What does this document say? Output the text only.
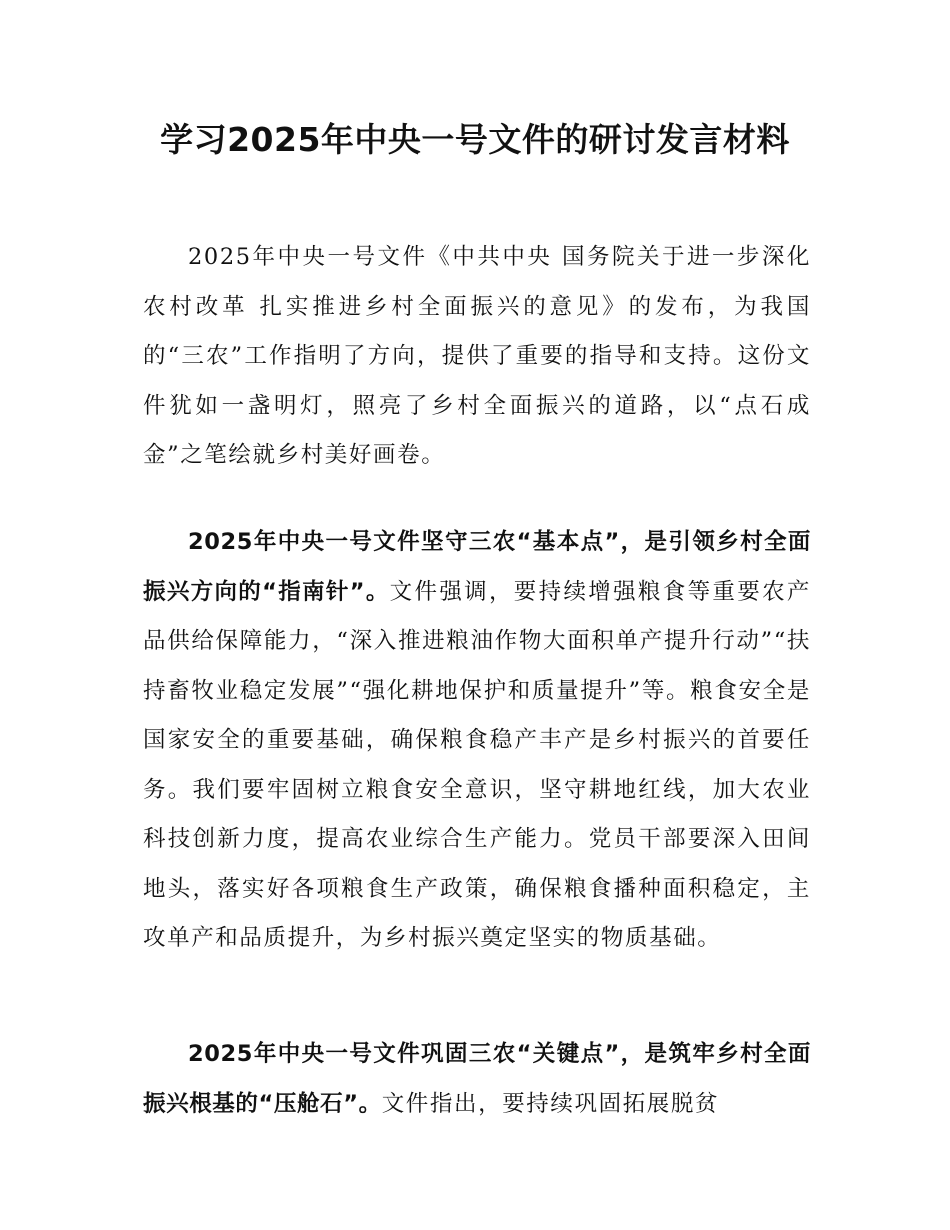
学习2025年中央一号文件的研讨发言材料

2025年中央一号文件《中共中央 国务院关于进一步深化农村改革 扎实推进乡村全面振兴的意见》的发布，为我国的“三农”工作指明了方向，提供了重要的指导和支持。这份文件犹如一盏明灯，照亮了乡村全面振兴的道路，以“点石成金”之笔绘就乡村美好画卷。

2025年中央一号文件坚守三农“基本点”，是引领乡村全面振兴方向的“指南针”。文件强调，要持续增强粮食等重要农产品供给保障能力，“深入推进粮油作物大面积单产提升行动”“扶持畜牧业稳定发展”“强化耕地保护和质量提升”等。粮食安全是国家安全的重要基础，确保粮食稳产丰产是乡村振兴的首要任务。我们要牢固树立粮食安全意识，坚守耕地红线，加大农业科技创新力度，提高农业综合生产能力。党员干部要深入田间地头，落实好各项粮食生产政策，确保粮食播种面积稳定，主攻单产和品质提升，为乡村振兴奠定坚实的物质基础。

2025年中央一号文件巩固三农“关键点”，是筑牢乡村全面振兴根基的“压舱石”。文件指出，要持续巩固拓展脱贫
